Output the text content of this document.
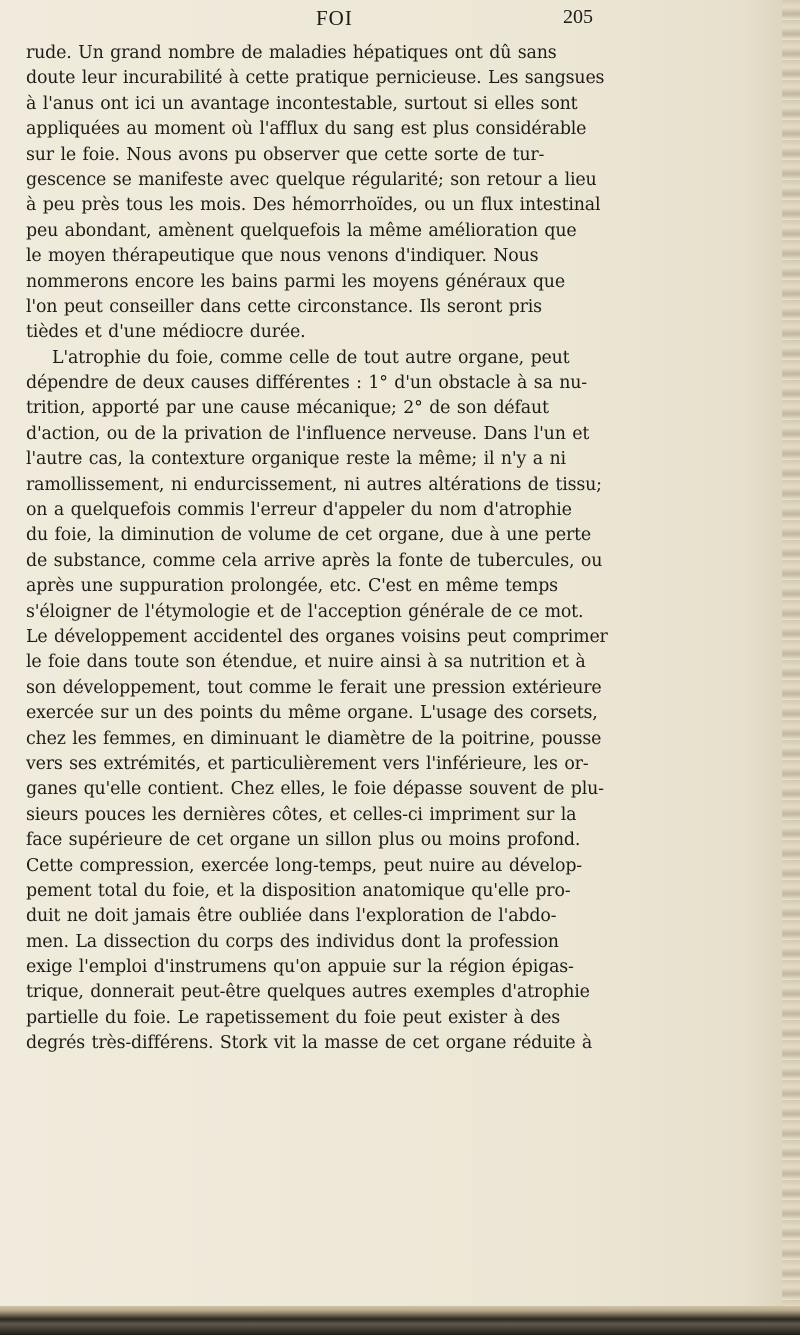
FOI	205
rude. Un grand nombre de maladies hépatiques ont dû sans
doute leur incurabilité à cette pratique pernicieuse. Les sangsues
à l'anus ont ici un avantage incontestable, surtout si elles sont
appliquées au moment où l'afflux du sang est plus considérable
sur le foie. Nous avons pu observer que cette sorte de tur-
gescence se manifeste avec quelque régularité; son retour a lieu
à peu près tous les mois. Des hémorrhoïdes, ou un flux intestinal
peu abondant, amènent quelquefois la même amélioration que
le moyen thérapeutique que nous venons d'indiquer. Nous
nommerons encore les bains parmi les moyens généraux que
l'on peut conseiller dans cette circonstance. Ils seront pris
tièdes et d'une médiocre durée.
L'atrophie du foie, comme celle de tout autre organe, peut
dépendre de deux causes différentes : 1° d'un obstacle à sa nu-
trition, apporté par une cause mécanique; 2° de son défaut
d'action, ou de la privation de l'influence nerveuse. Dans l'un et
l'autre cas, la contexture organique reste la même; il n'y a ni
ramollissement, ni endurcissement, ni autres altérations de tissu;
on a quelquefois commis l'erreur d'appeler du nom d'atrophie
du foie, la diminution de volume de cet organe, due à une perte
de substance, comme cela arrive après la fonte de tubercules, ou
après une suppuration prolongée, etc. C'est en même temps
s'éloigner de l'étymologie et de l'acception générale de ce mot.
Le développement accidentel des organes voisins peut comprimer
le foie dans toute son étendue, et nuire ainsi à sa nutrition et à
son développement, tout comme le ferait une pression extérieure
exercée sur un des points du même organe. L'usage des corsets,
chez les femmes, en diminuant le diamètre de la poitrine, pousse
vers ses extrémités, et particulièrement vers l'inférieure, les or-
ganes qu'elle contient. Chez elles, le foie dépasse souvent de plu-
sieurs pouces les dernières côtes, et celles-ci impriment sur la
face supérieure de cet organe un sillon plus ou moins profond.
Cette compression, exercée long-temps, peut nuire au dévelop-
pement total du foie, et la disposition anatomique qu'elle pro-
duit ne doit jamais être oubliée dans l'exploration de l'abdo-
men. La dissection du corps des individus dont la profession
exige l'emploi d'instrumens qu'on appuie sur la région épigas-
trique, donnerait peut-être quelques autres exemples d'atrophie
partielle du foie. Le rapetissement du foie peut exister à des
degrés très-différens. Stork vit la masse de cet organe réduite à
